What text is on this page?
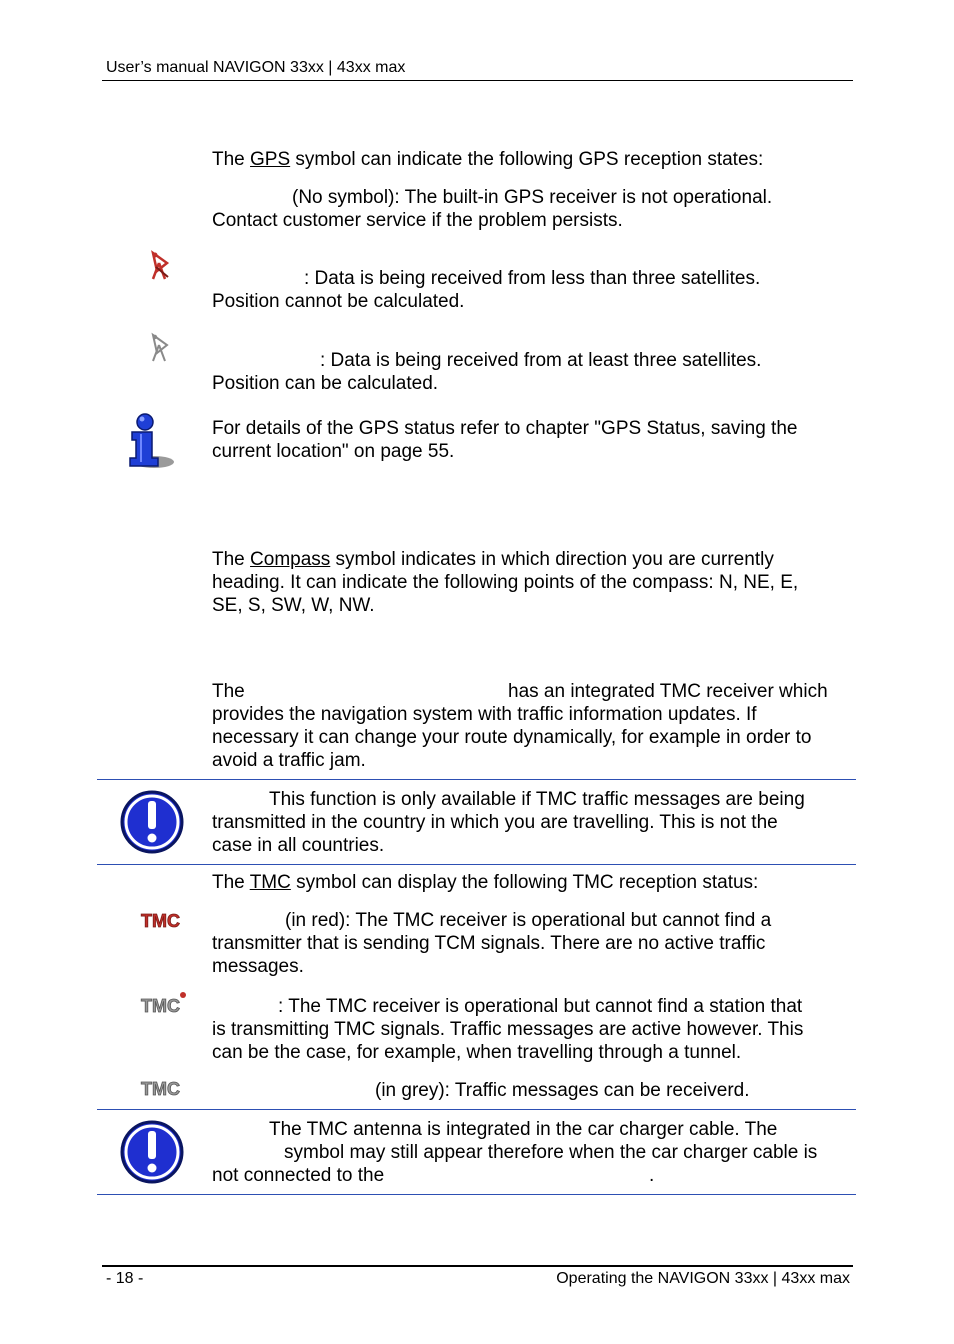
User’s manual NAVIGON 33xx | 43xx max
The GPS symbol can indicate the following GPS reception states:
(No symbol): The built-in GPS receiver is not operational.
Contact customer service if the problem persists.
: Data is being received from less than three satellites.
Position cannot be calculated.
: Data is being received from at least three satellites.
Position can be calculated.
For details of the GPS status refer to chapter "GPS Status, saving the
current location" on page 55.
The Compass symbol indicates in which direction you are currently
heading. It can indicate the following points of the compass: N, NE, E,
SE, S, SW, W, NW.
The	has an integrated TMC receiver which
provides the navigation system with traffic information updates. If
necessary it can change your route dynamically, for example in order to
avoid a traffic jam.
This function is only available if TMC traffic messages are being
transmitted in the country in which you are travelling. This is not the
case in all countries.
The TMC symbol can display the following TMC reception status:
TMC	(in red): The TMC receiver is operational but cannot find a
transmitter that is sending TCM signals. There are no active traffic
messages.
TMC	: The TMC receiver is operational but cannot find a station that
is transmitting TMC signals. Traffic messages are active however. This
can be the case, for example, when travelling through a tunnel.
TMC	(in grey): Traffic messages can be receiverd.
The TMC antenna is integrated in the car charger cable. The
symbol may still appear therefore when the car charger cable is
not connected to the	.
- 18 -	Operating the NAVIGON 33xx | 43xx max
